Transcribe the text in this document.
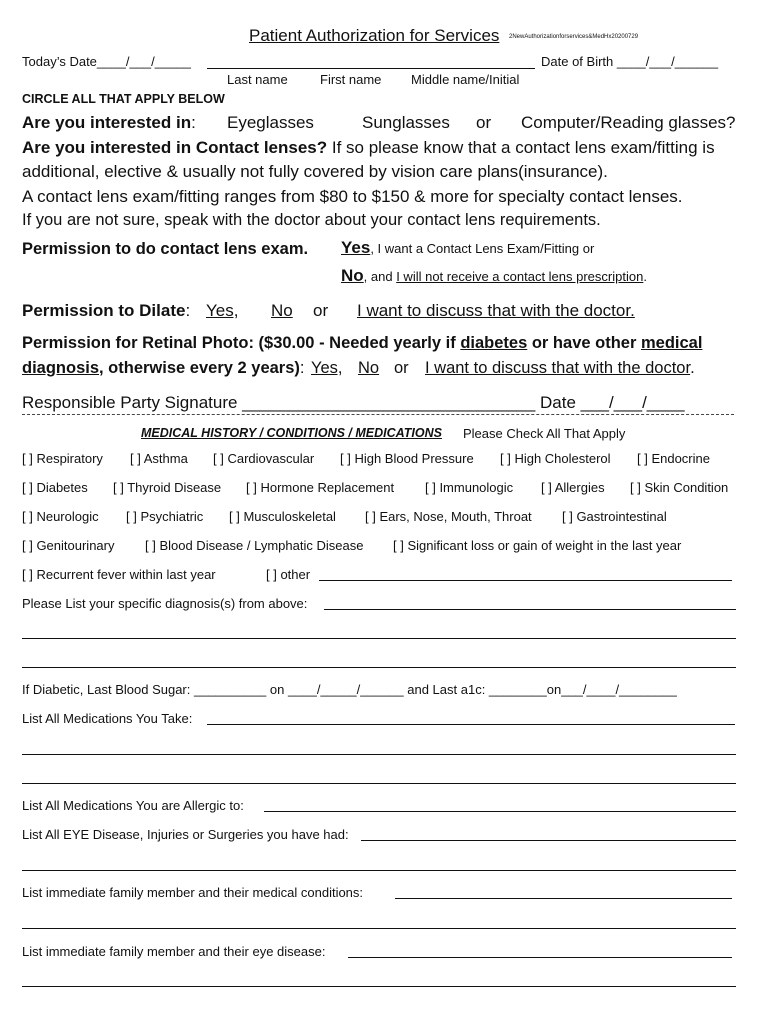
Patient Authorization for Services 2NewAuthorizationforservices&MedHx20200729
Today’s Date____/___/_____	Date of Birth ____/___/______
Last name First name Middle name/Initial
CIRCLE ALL THAT APPLY BELOW
Are you interested in: Eyeglasses	Sunglasses or Computer/Reading glasses?
Are you interested in Contact lenses? If so please know that a contact lens exam/fitting is
additional, elective & usually not fully covered by vision care plans(insurance).
A contact lens exam/fitting ranges from $80 to $150 & more for specialty contact lenses.
If you are not sure, speak with the doctor about your contact lens requirements.
Permission to do contact lens exam. Yes, I want a Contact Lens Exam/Fitting or
No, and I will not receive a contact lens prescription.
Permission to Dilate: Yes, No or I want to discuss that with the doctor.
Permission for Retinal Photo: ($30.00 - Needed yearly if diabetes or have other medical
diagnosis, otherwise every 2 years): Yes, No or I want to discuss that with the doctor.
Responsible Party Signature _______________________________ Date ___/___/____
MEDICAL HISTORY / CONDITIONS / MEDICATIONS Please Check All That Apply
[ ] Respiratory [ ] Asthma [ ] Cardiovascular [ ] High Blood Pressure [ ] High Cholesterol [ ] Endocrine
[ ] Diabetes [ ] Thyroid Disease [ ] Hormone Replacement [ ] Immunologic [ ] Allergies [ ] Skin Condition
[ ] Neurologic [ ] Psychiatric [ ] Musculoskeletal [ ] Ears, Nose, Mouth, Throat [ ] Gastrointestinal
[ ] Genitourinary [ ] Blood Disease / Lymphatic Disease [ ] Significant loss or gain of weight in the last year
[ ] Recurrent fever within last year	[ ] other
Please List your specific diagnosis(s) from above:
If Diabetic, Last Blood Sugar: __________ on ____/_____/______ and Last a1c: ________on___/____/________
List All Medications You Take:
List All Medications You are Allergic to:
List All EYE Disease, Injuries or Surgeries you have had:
List immediate family member and their medical conditions:
List immediate family member and their eye disease:
